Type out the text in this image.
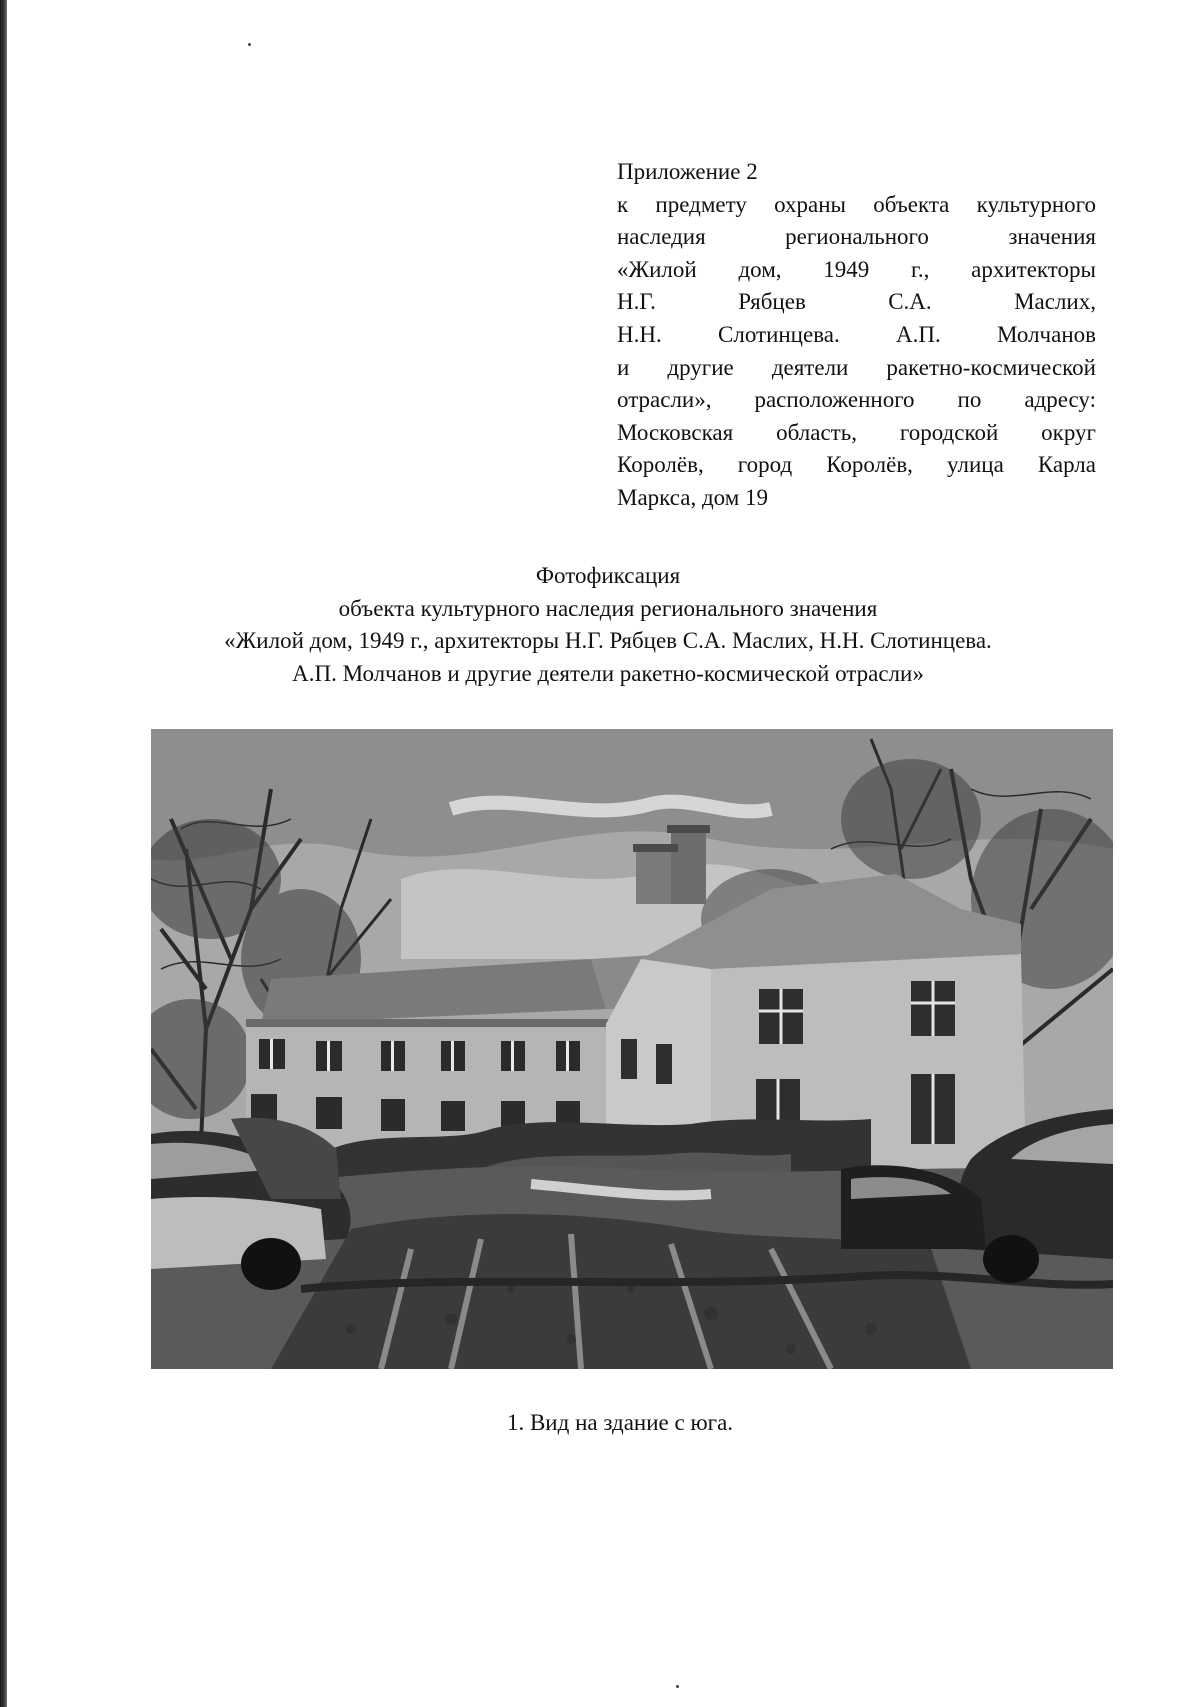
Приложение 2
к предмету охраны объекта культурного
наследия регионального значения
«Жилой дом, 1949 г., архитекторы
Н.Г. Рябцев С.А. Маслих,
Н.Н. Слотинцева. А.П. Молчанов
и другие деятели ракетно-космической
отрасли», расположенного по адресу:
Московская область, городской округ
Королёв, город Королёв, улица Карла
Маркса, дом 19
Фотофиксация
объекта культурного наследия регионального значения
«Жилой дом, 1949 г., архитекторы Н.Г. Рябцев С.А. Маслих, Н.Н. Слотинцева.
А.П. Молчанов и другие деятели ракетно-космической отрасли»
1. Вид на здание с юга.
